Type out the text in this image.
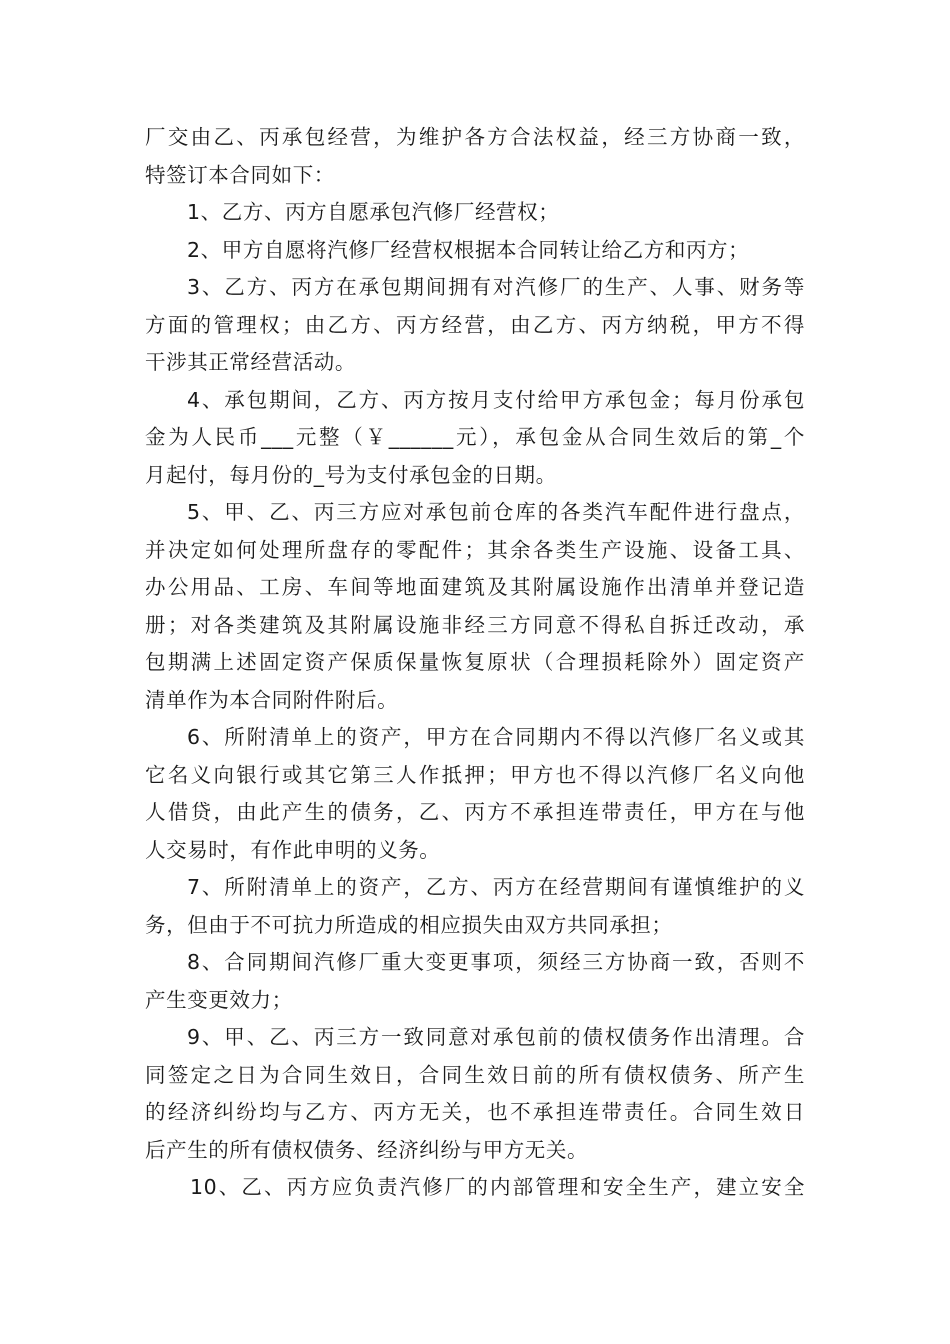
厂交由乙、丙承包经营，为维护各方合法权益，经三方协商一致，
特签订本合同如下：
1、乙方、丙方自愿承包汽修厂经营权；
2、甲方自愿将汽修厂经营权根据本合同转让给乙方和丙方；
3、乙方、丙方在承包期间拥有对汽修厂的生产、人事、财务等
方面的管理权；由乙方、丙方经营，由乙方、丙方纳税，甲方不得
干涉其正常经营活动。
4、承包期间，乙方、丙方按月支付给甲方承包金；每月份承包
金为人民币___元整（￥______元），承包金从合同生效后的第_个
月起付，每月份的_号为支付承包金的日期。
5、甲、乙、丙三方应对承包前仓库的各类汽车配件进行盘点，
并决定如何处理所盘存的零配件；其余各类生产设施、设备工具、
办公用品、工房、车间等地面建筑及其附属设施作出清单并登记造
册；对各类建筑及其附属设施非经三方同意不得私自拆迁改动，承
包期满上述固定资产保质保量恢复原状（合理损耗除外）固定资产
清单作为本合同附件附后。
6、所附清单上的资产，甲方在合同期内不得以汽修厂名义或其
它名义向银行或其它第三人作抵押；甲方也不得以汽修厂名义向他
人借贷，由此产生的债务，乙、丙方不承担连带责任，甲方在与他
人交易时，有作此申明的义务。
7、所附清单上的资产，乙方、丙方在经营期间有谨慎维护的义
务，但由于不可抗力所造成的相应损失由双方共同承担；
8、合同期间汽修厂重大变更事项，须经三方协商一致，否则不
产生变更效力；
9、甲、乙、丙三方一致同意对承包前的债权债务作出清理。合
同签定之日为合同生效日，合同生效日前的所有债权债务、所产生
的经济纠纷均与乙方、丙方无关，也不承担连带责任。合同生效日
后产生的所有债权债务、经济纠纷与甲方无关。
10、乙、丙方应负责汽修厂的内部管理和安全生产，建立安全
